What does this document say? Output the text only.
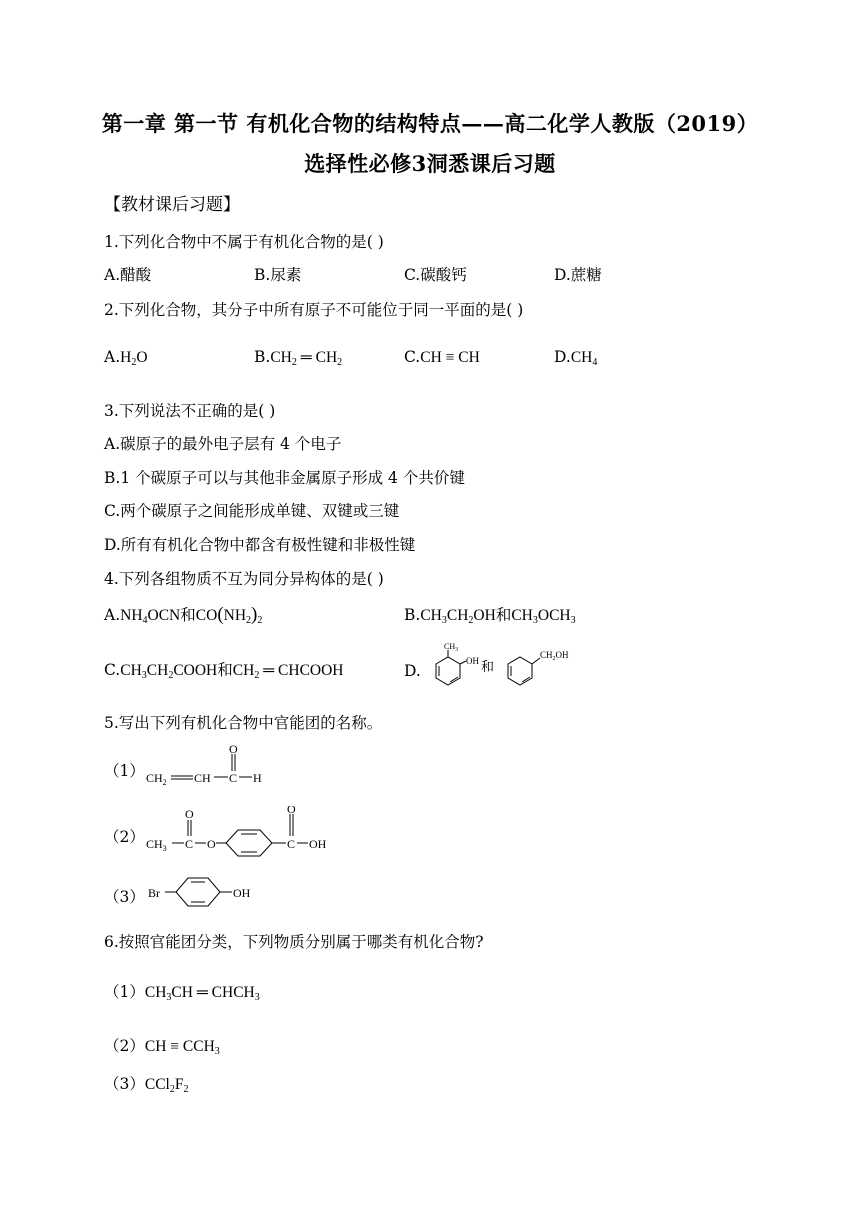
第一章 第一节 有机化合物的结构特点——高二化学人教版（2019）
选择性必修3洞悉课后习题
【教材课后习题】
1.下列化合物中不属于有机化合物的是( )
A.醋酸	B.尿素	C.碳酸钙	D.蔗糖
2.下列化合物，其分子中所有原子不可能位于同一平面的是( )
$A.H_2O$	$B.CH_2$ ═ $CH_2$	C.CH ≡ CH	$D.CH_4$
3.下列说法不正确的是( )
A.碳原子的最外电子层有 4 个电子
B.1 个碳原子可以与其他非金属原子形成 4 个共价键
C.两个碳原子之间能形成单键、双键或三键
D.所有有机化合物中都含有极性键和非极性键
4.下列各组物质不互为同分异构体的是( )
$A.NH_4OCN$和$CO(NH_2)_2$	$B.CH_3CH_2OH$和$CH_3OCH_3$
$C.CH_3CH_2COOH$和$CH_2$ ═ CHCOOH	D.
$CH_3$
OH 和
$CH_2OH$
5.写出下列有机化合物中官能团的名称。
（1） $CH_2$ CH C
O
H
（2） $CH_3$ C
O
O	C
O
OH
（3） Br	OH
6.按照官能团分类，下列物质分别属于哪类有机化合物?
$(1)CH_3CH$ ═ $CHCH_3$
$(2)CH \equiv CCH_3$
$(3)CCl_2F_2$
